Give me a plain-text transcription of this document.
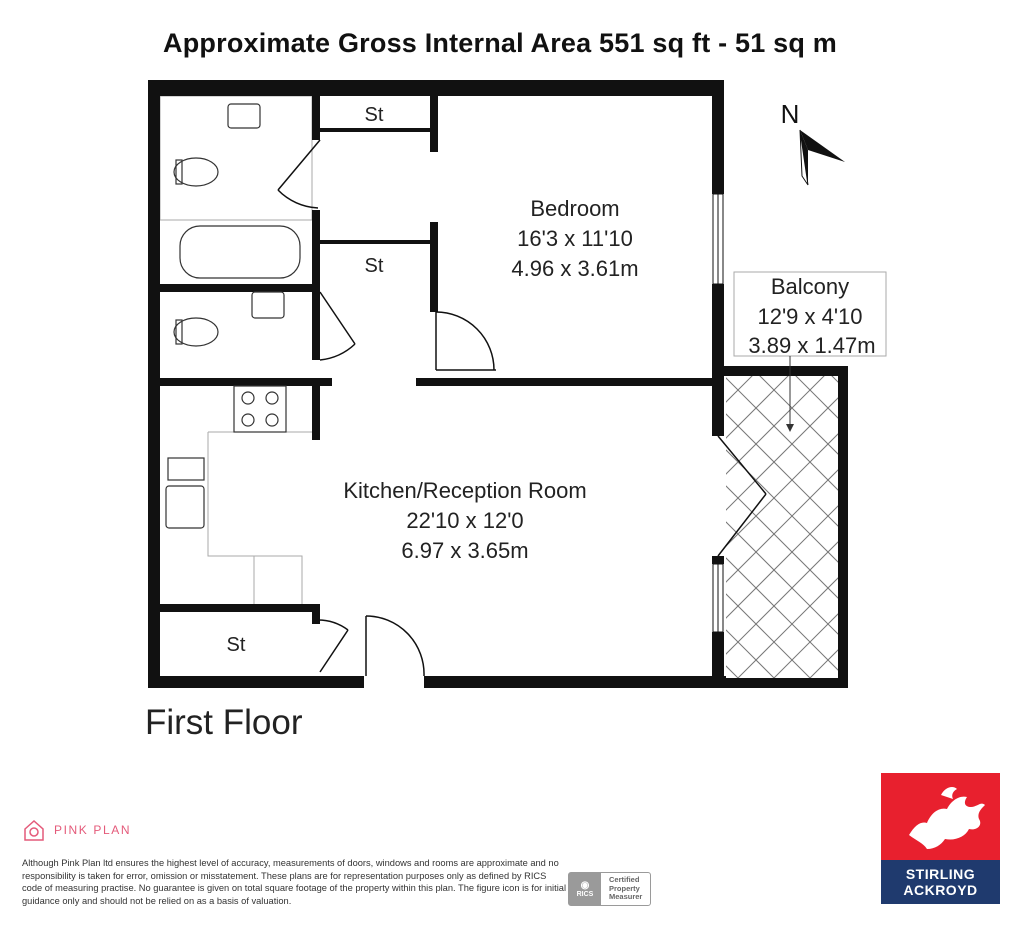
Approximate Gross Internal Area 551 sq ft - 51 sq m
N
Bedroom
16'3 x 11'10
4.96 x 3.61m
Kitchen/Reception Room
22'10 x 12'0
6.97 x 3.65m
Balcony
12'9 x 4'10
3.89 x 1.47m
St
St
St
First Floor
PINK PLAN
Although Pink Plan ltd ensures the highest level of accuracy, measurements of doors, windows and rooms are approximate and no responsibility is taken for error, omission or misstatement. These plans are for representation purposes only as defined by RICS code of measuring practise. No guarantee is given on total square footage of the property within this plan. The figure icon is for initial guidance only and should not be relied on as a basis of valuation.
◉
RICS
Certified
Property
Measurer
STIRLING
ACKROYD
